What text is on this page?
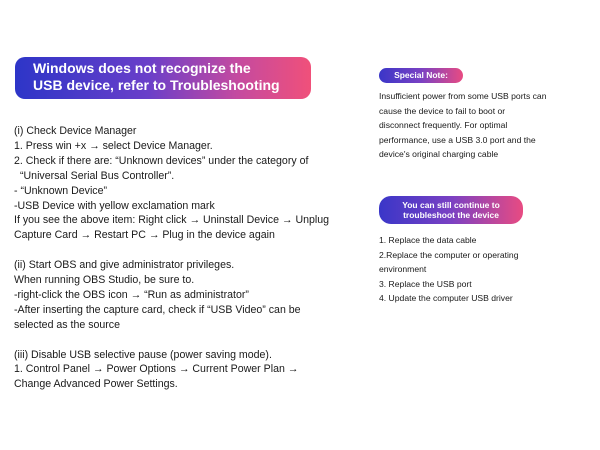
Windows does not recognize the
USB device, refer to Troubleshooting
(i) Check Device Manager
1. Press win +x → select Device Manager.
2. Check if there are: “Unknown devices” under the category of
“Universal Serial Bus Controller”.
- “Unknown Device”
-USB Device with yellow exclamation mark
If you see the above item: Right click → Uninstall Device → Unplug
Capture Card → Restart PC → Plug in the device again
(ii) Start OBS and give administrator privileges.
When running OBS Studio, be sure to.
-right-click the OBS icon → “Run as administrator”
-After inserting the capture card, check if “USB Video” can be
selected as the source
(iii) Disable USB selective pause (power saving mode).
1. Control Panel → Power Options → Current Power Plan →
Change Advanced Power Settings.
Special Note:
Insufficient power from some USB ports can
cause the device to fail to boot or
disconnect frequently. For optimal
performance, use a USB 3.0 port and the
device's original charging cable
You can still continue to
troubleshoot the device
1. Replace the data cable
2.Replace the computer or operating
environment
3. Replace the USB port
4. Update the computer USB driver
